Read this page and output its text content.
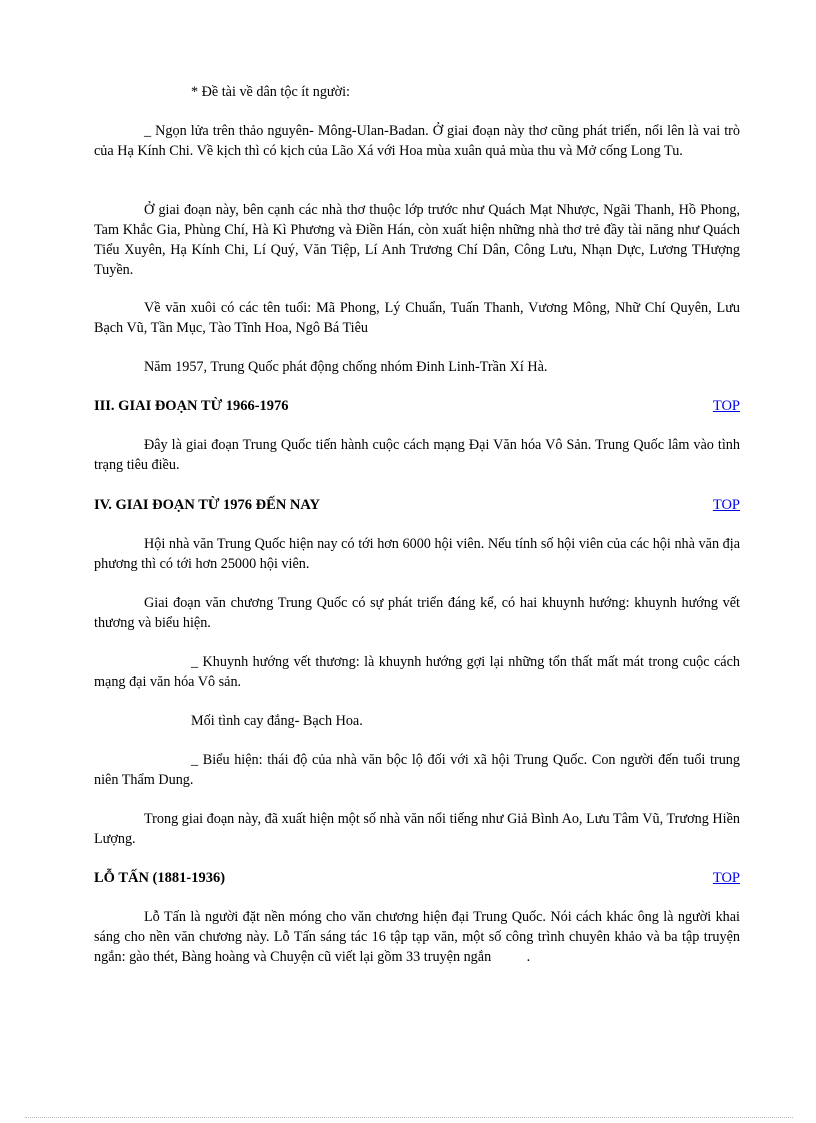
* Đề tài về dân tộc ít người:
_ Ngọn lửa trên thảo nguyên- Mông-Ulan-Badan. Ở giai đoạn này thơ cũng phát triển, nổi lên là vai trò của Hạ Kính Chi. Về kịch thì có kịch của Lão Xá với Hoa mùa xuân quả mùa thu và Mở cống Long Tu.
Ở giai đoạn này, bên cạnh các nhà thơ thuộc lớp trước như Quách Mạt Nhược, Ngãi Thanh, Hồ Phong, Tam Khắc Gia, Phùng Chí, Hà Kì Phương và Điền Hán, còn xuất hiện những nhà thơ trẻ đầy tài năng như Quách Tiểu Xuyên, Hạ Kính Chi, Lí Quý, Văn Tiệp, Lí Anh Trương Chí Dân, Công Lưu, Nhạn Dực, Lương THượng Tuyền.
Về văn xuôi có các tên tuổi: Mã Phong, Lý Chuẩn, Tuấn Thanh, Vương Mông, Nhữ Chí Quyên, Lưu Bạch Vũ, Tần Mục, Tào Tĩnh Hoa, Ngô Bá Tiêu
Năm 1957, Trung Quốc phát động chống nhóm Đinh Linh-Trần Xí Hà.
III. GIAI ĐOẠN TỪ 1966-1976	TOP
Đây là giai đoạn Trung Quốc tiến hành cuộc cách mạng Đại Văn hóa Vô Sản. Trung Quốc lâm vào tình trạng tiêu điều.
IV. GIAI ĐOẠN TỪ 1976 ĐẾN NAY	TOP
Hội nhà văn Trung Quốc hiện nay có tới hơn 6000 hội viên. Nếu tính số hội viên của các hội nhà văn địa phương thì có tới hơn 25000 hội viên.
Giai đoạn văn chương Trung Quốc có sự phát triển đáng kể, có hai khuynh hướng: khuynh hướng vết thương và biểu hiện.
_ Khuynh hướng vết thương: là khuynh hướng gợi lại những tổn thất mất mát trong cuộc cách mạng đại văn hóa Vô sản.
Mối tình cay đắng- Bạch Hoa.
_ Biểu hiện: thái độ của nhà văn bộc lộ đối với xã hội Trung Quốc. Con người đến tuổi trung niên Thẩm Dung.
Trong giai đoạn này, đã xuất hiện một số nhà văn nổi tiếng như Giả Bình Ao, Lưu Tâm Vũ, Trương Hiền Lượng.
LỖ TẤN (1881-1936)	TOP
Lỗ Tấn là người đặt nền móng cho văn chương hiện đại Trung Quốc. Nói cách khác ông là người khai sáng cho nền văn chương này. Lỗ Tấn sáng tác 16 tập tạp văn, một số công trình chuyên khảo và ba tập truyện ngắn: gào thét, Bàng hoàng và Chuyện cũ viết lại gồm 33 truyện ngắn          .
